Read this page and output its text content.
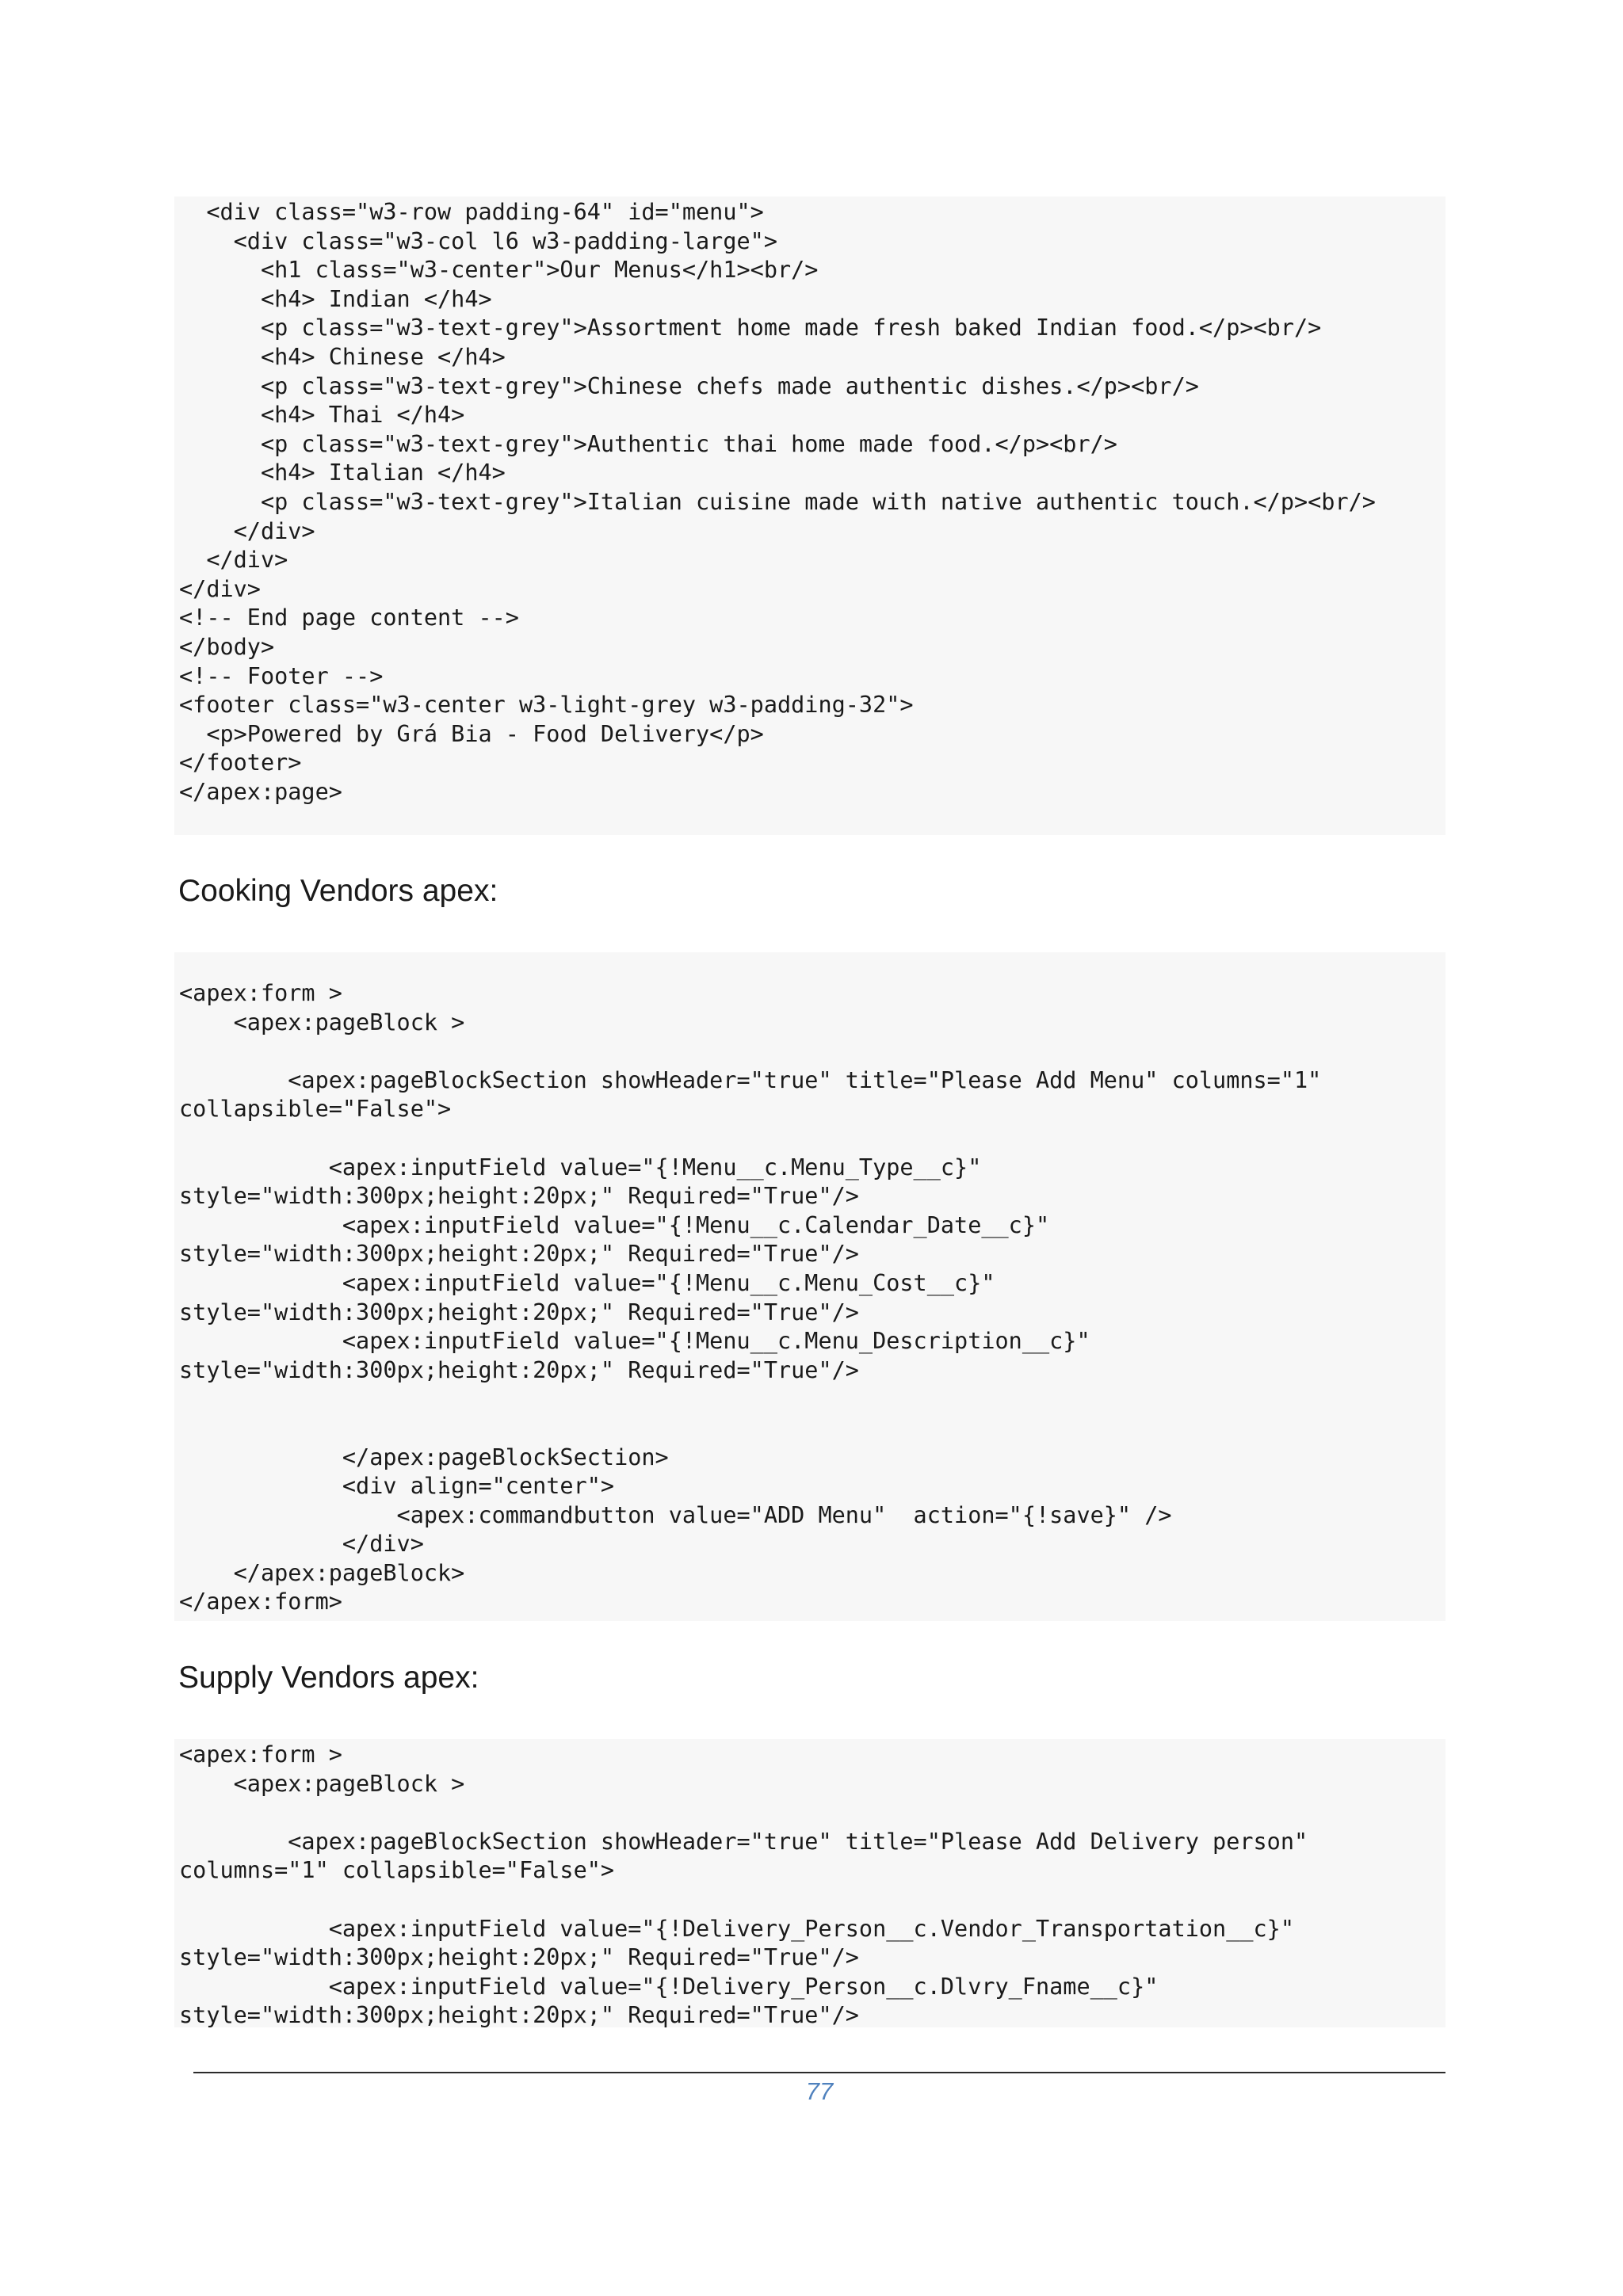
<div class="w3-row padding-64" id="menu">
<div class="w3-col l6 w3-padding-large">
<h1 class="w3-center">Our Menus</h1><br/>
<h4> Indian </h4>
<p class="w3-text-grey">Assortment home made fresh baked Indian food.</p><br/>
<h4> Chinese </h4>
<p class="w3-text-grey">Chinese chefs made authentic dishes.</p><br/>
<h4> Thai </h4>
<p class="w3-text-grey">Authentic thai home made food.</p><br/>
<h4> Italian </h4>
<p class="w3-text-grey">Italian cuisine made with native authentic touch.</p><br/>
</div>
</div>
</div>
<!-- End page content -->
</body>
<!-- Footer -->
<footer class="w3-center w3-light-grey w3-padding-32">
<p>Powered by Grá Bia - Food Delivery</p>
</footer>
</apex:page>
Cooking Vendors apex:
<apex:form >
<apex:pageBlock >

<apex:pageBlockSection showHeader="true" title="Please Add Menu" columns="1"
collapsible="False">

<apex:inputField value="{!Menu__c.Menu_Type__c}"
style="width:300px;height:20px;" Required="True"/>
<apex:inputField value="{!Menu__c.Calendar_Date__c}"
style="width:300px;height:20px;" Required="True"/>
<apex:inputField value="{!Menu__c.Menu_Cost__c}"
style="width:300px;height:20px;" Required="True"/>
<apex:inputField value="{!Menu__c.Menu_Description__c}"
style="width:300px;height:20px;" Required="True"/>

</apex:pageBlockSection>
<div align="center">
<apex:commandbutton value="ADD Menu"  action="{!save}" />
</div>
</apex:pageBlock>
</apex:form>
Supply Vendors apex:
<apex:form >
<apex:pageBlock >

<apex:pageBlockSection showHeader="true" title="Please Add Delivery person"
columns="1" collapsible="False">

<apex:inputField value="{!Delivery_Person__c.Vendor_Transportation__c}"
style="width:300px;height:20px;" Required="True"/>
<apex:inputField value="{!Delivery_Person__c.Dlvry_Fname__c}"
style="width:300px;height:20px;" Required="True"/>
77
